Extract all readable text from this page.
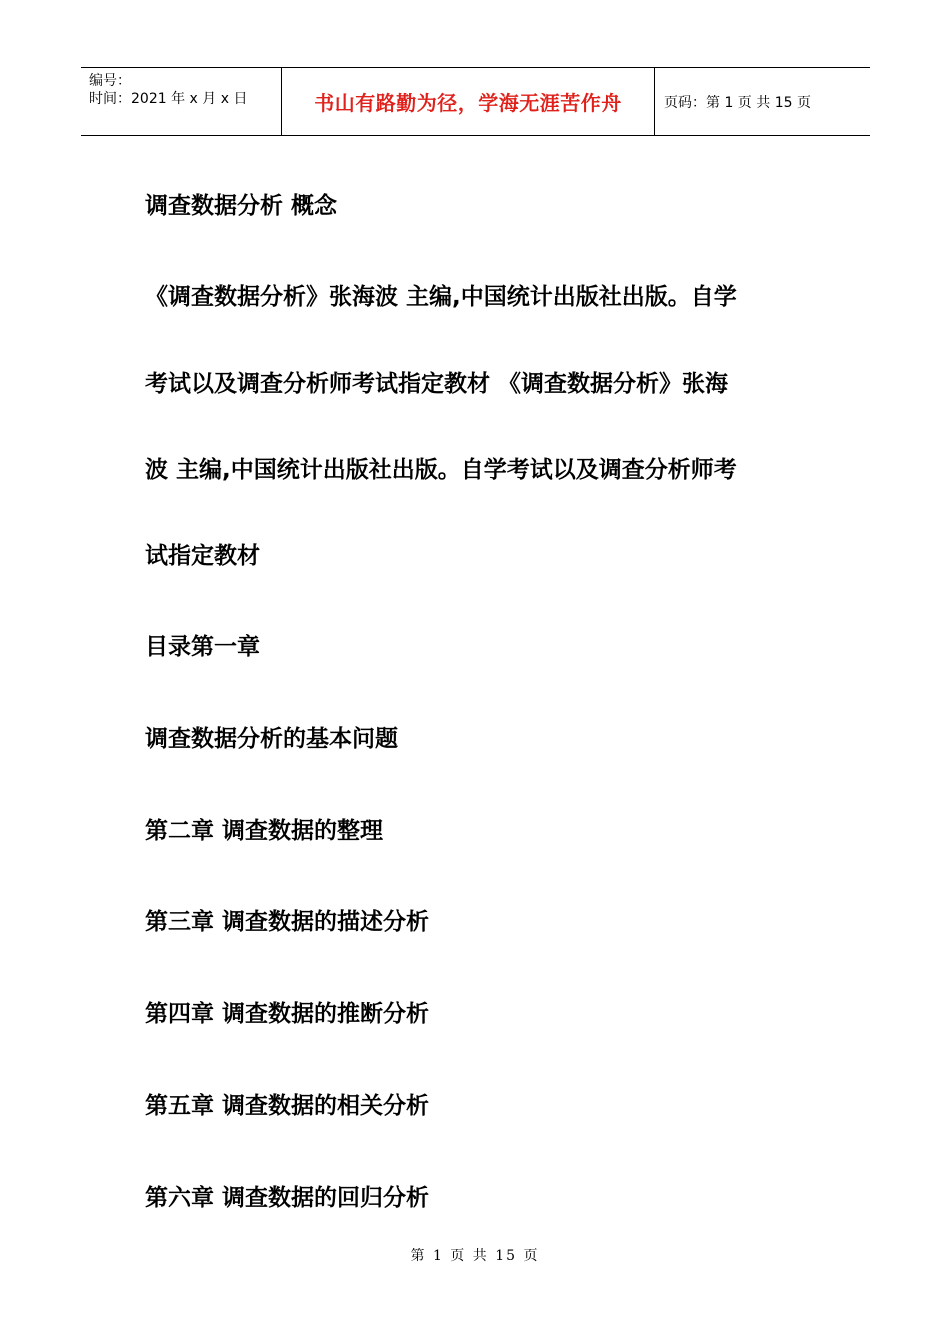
编号：
时间：2021 年 x 月 x 日	书山有路勤为径，学海无涯苦作舟	页码：第 1 页 共 15 页
调查数据分析 概念
《调查数据分析》张海波 主编,中国统计出版社出版。自学
考试以及调查分析师考试指定教材 《调查数据分析》张海
波 主编,中国统计出版社出版。自学考试以及调查分析师考
试指定教材
目录第一章
调查数据分析的基本问题
第二章 调查数据的整理
第三章 调查数据的描述分析
第四章 调查数据的推断分析
第五章 调查数据的相关分析
第六章 调查数据的回归分析
第 1 页 共 15 页
